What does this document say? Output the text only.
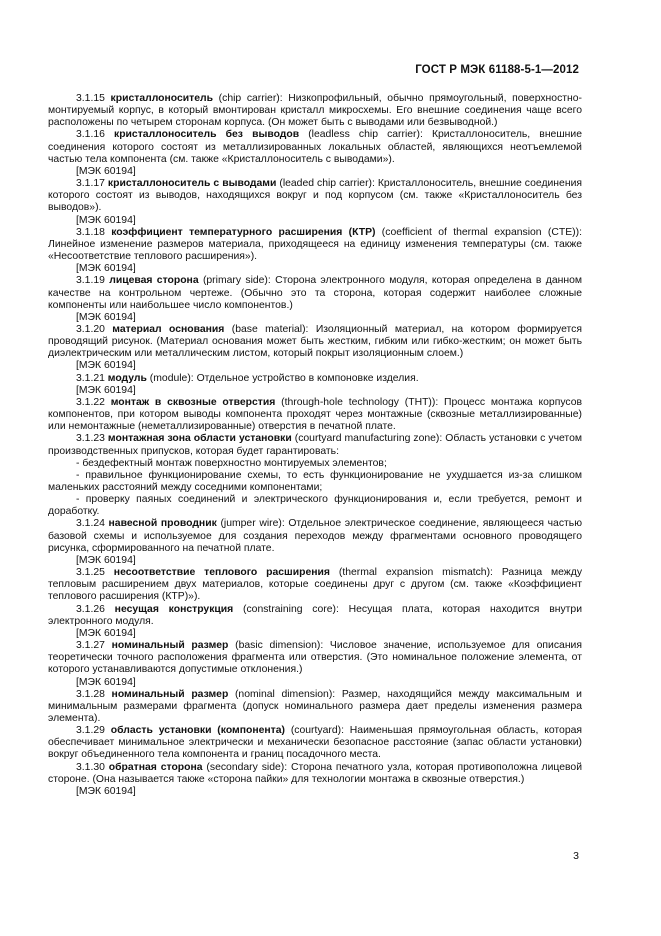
ГОСТ Р МЭК 61188-5-1—2012

3.1.15 кристаллоноситель (chip carrier): Низкопрофильный, обычно прямоугольный, поверхностно-монтируемый корпус, в который вмонтирован кристалл микросхемы. Его внешние соединения чаще всего расположены по четырем сторонам корпуса. (Он может быть с выводами или безвыводной.)

3.1.16 кристаллоноситель без выводов (leadless chip carrier): Кристаллоноситель, внешние соединения которого состоят из металлизированных локальных областей, являющихся неотъемлемой частью тела компонента (см. также «Кристаллоноситель с выводами»).

[МЭК 60194]

3.1.17 кристаллоноситель с выводами (leaded chip carrier): Кристаллоноситель, внешние соединения которого состоят из выводов, находящихся вокруг и под корпусом (см. также «Кристаллоноситель без выводов»).

[МЭК 60194]

3.1.18 коэффициент температурного расширения (КТР) (coefficient of thermal expansion (CTE)): Линейное изменение размеров материала, приходящееся на единицу изменения температуры (см. также «Несоответствие теплового расширения»).

[МЭК 60194]

3.1.19 лицевая сторона (primary side): Сторона электронного модуля, которая определена в данном качестве на контрольном чертеже. (Обычно это та сторона, которая содержит наиболее сложные компоненты или наибольшее число компонентов.)

[МЭК 60194]

3.1.20 материал основания (base material): Изоляционный материал, на котором формируется проводящий рисунок. (Материал основания может быть жестким, гибким или гибко-жестким; он может быть диэлектрическим или металлическим листом, который покрыт изоляционным слоем.)

[МЭК 60194]

3.1.21 модуль (module): Отдельное устройство в компоновке изделия.

[МЭК 60194]

3.1.22 монтаж в сквозные отверстия (through-hole technology (THT)): Процесс монтажа корпусов компонентов, при котором выводы компонента проходят через монтажные (сквозные металлизированные) или немонтажные (неметаллизированные) отверстия в печатной плате.

3.1.23 монтажная зона области установки (courtyard manufacturing zone): Область установки с учетом производственных припусков, которая будет гарантировать:

- бездефектный монтаж поверхностно монтируемых элементов;

- правильное функционирование схемы, то есть функционирование не ухудшается из-за слишком маленьких расстояний между соседними компонентами;

- проверку паяных соединений и электрического функционирования и, если требуется, ремонт и доработку.

3.1.24 навесной проводник (jumper wire): Отдельное электрическое соединение, являющееся частью базовой схемы и используемое для создания переходов между фрагментами основного проводящего рисунка, сформированного на печатной плате.

[МЭК 60194]

3.1.25 несоответствие теплового расширения (thermal expansion mismatch): Разница между тепловым расширением двух материалов, которые соединены друг с другом (см. также «Коэффициент теплового расширения (КТР)»).

3.1.26 несущая конструкция (constraining core): Несущая плата, которая находится внутри электронного модуля.

[МЭК 60194]

3.1.27 номинальный размер (basic dimension): Числовое значение, используемое для описания теоретически точного расположения фрагмента или отверстия. (Это номинальное положение элемента, от которого устанавливаются допустимые отклонения.)

[МЭК 60194]

3.1.28 номинальный размер (nominal dimension): Размер, находящийся между максимальным и минимальным размерами фрагмента (допуск номинального размера дает пределы изменения размера элемента).

3.1.29 область установки (компонента) (courtyard): Наименьшая прямоугольная область, которая обеспечивает минимальное электрически и механически безопасное расстояние (запас области установки) вокруг объединенного тела компонента и границ посадочного места.

3.1.30 обратная сторона (secondary side): Сторона печатного узла, которая противоположна лицевой стороне. (Она называется также «сторона пайки» для технологии монтажа в сквозные отверстия.)

[МЭК 60194]

3
